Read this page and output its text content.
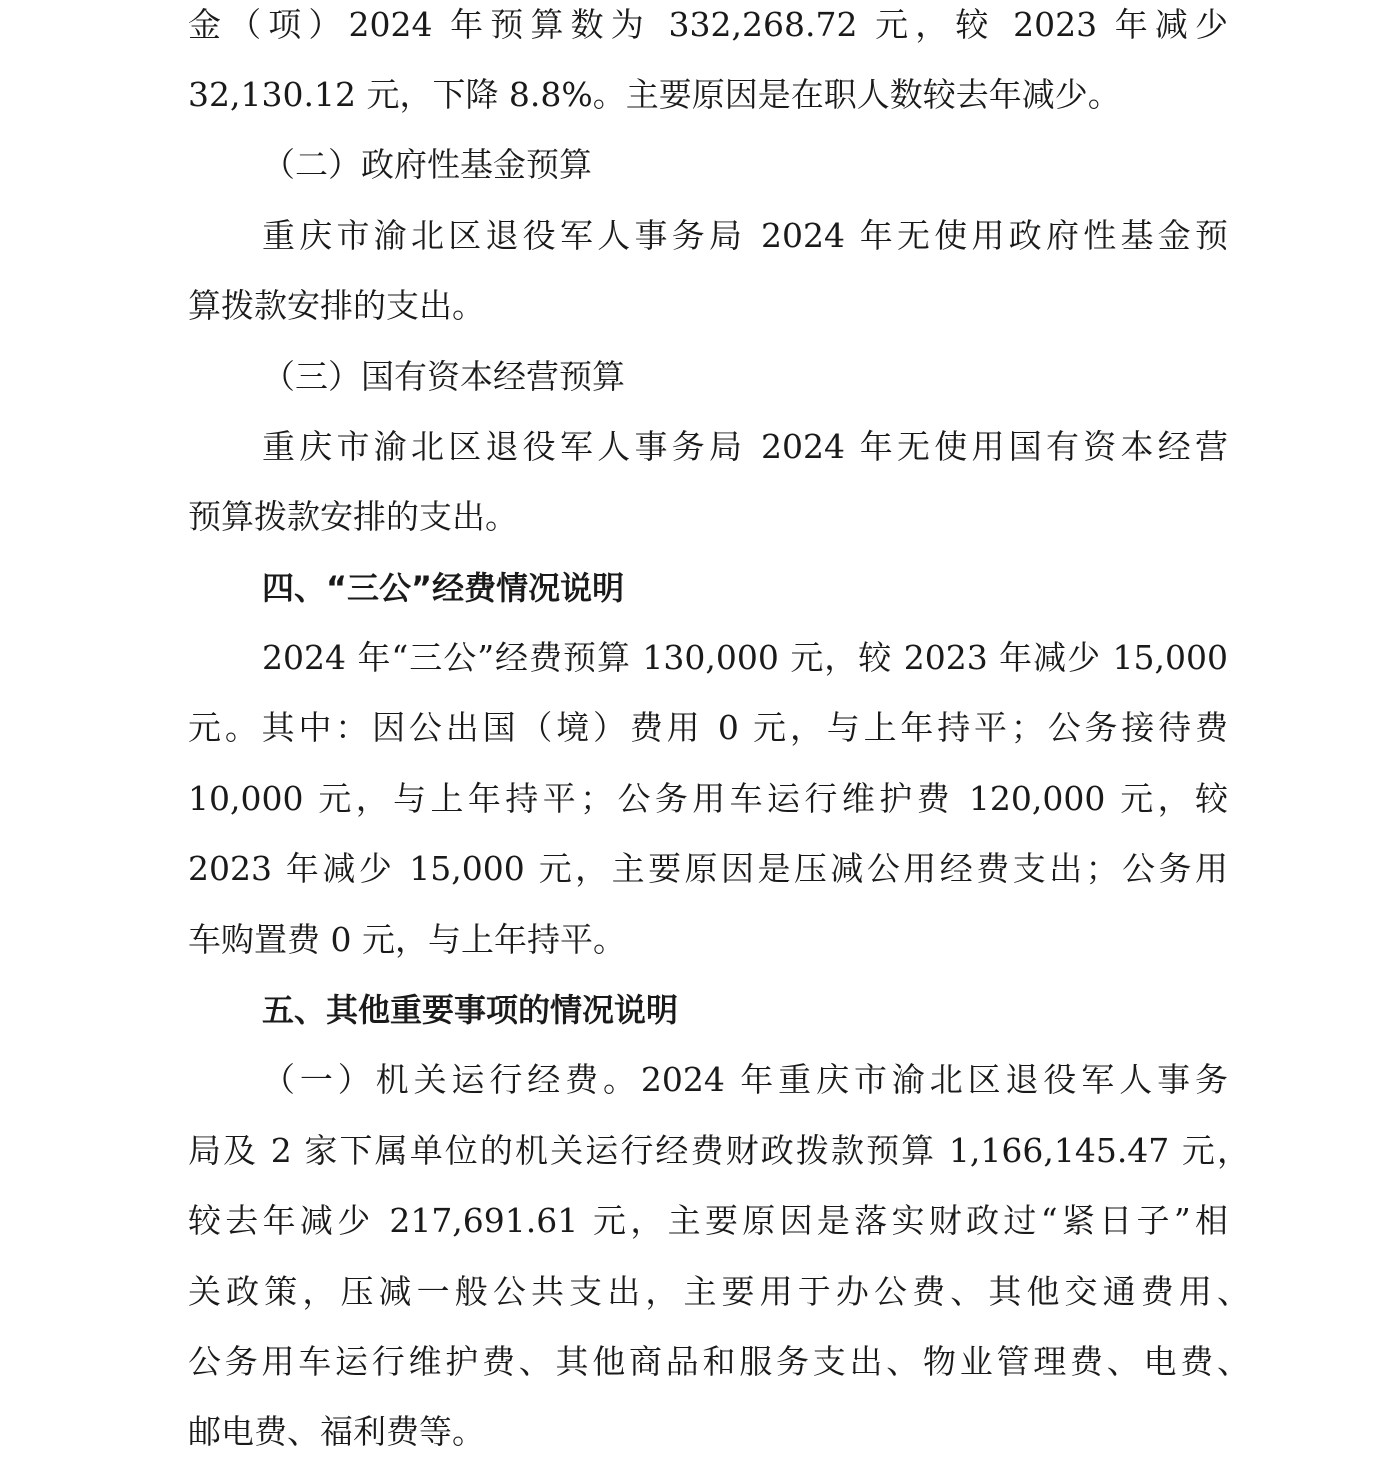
金（项）2024 年预算数为 332,268.72 元，较 2023 年减少
32,130.12 元，下降 8.8%。主要原因是在职人数较去年减少。
（二）政府性基金预算
重庆市渝北区退役军人事务局 2024 年无使用政府性基金预
算拨款安排的支出。
（三）国有资本经营预算
重庆市渝北区退役军人事务局 2024 年无使用国有资本经营
预算拨款安排的支出。
四、“三公”经费情况说明
2024 年“三公”经费预算 130,000 元，较 2023 年减少 15,000
元。其中：因公出国（境）费用 0 元，与上年持平；公务接待费
10,000 元，与上年持平；公务用车运行维护费 120,000 元，较
2023 年减少 15,000 元，主要原因是压减公用经费支出；公务用
车购置费 0 元，与上年持平。
五、其他重要事项的情况说明
（一）机关运行经费。2024 年重庆市渝北区退役军人事务
局及 2 家下属单位的机关运行经费财政拨款预算 1,166,145.47 元，
较去年减少 217,691.61 元，主要原因是落实财政过“紧日子”相
关政策，压减一般公共支出，主要用于办公费、其他交通费用、
公务用车运行维护费、其他商品和服务支出、物业管理费、电费、
邮电费、福利费等。
